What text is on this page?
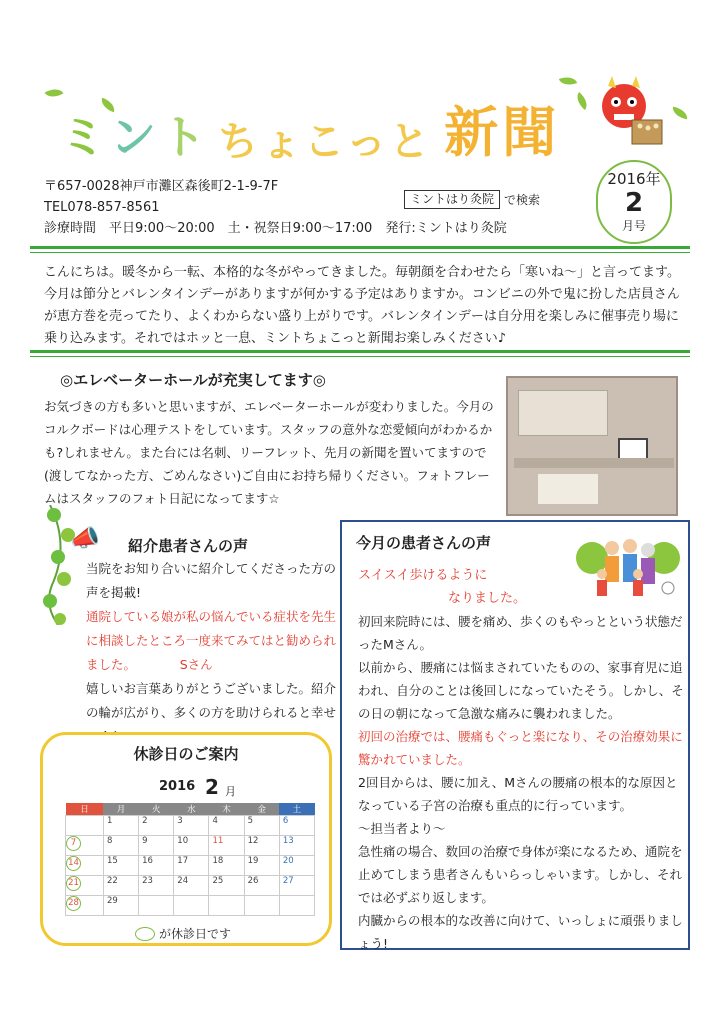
ミント ちょこっと 新聞
〒657-0028神戸市灘区森後町2-1-9-7F
TEL078-857-8561
診療時間　平日9:00～20:00　土・祝祭日9:00～17:00　発行:ミントはり灸院
ミントはり灸院 で検索
2016年
2
月号
こんにちは。暖冬から一転、本格的な冬がやってきました。毎朝顔を合わせたら「寒いね～」と言ってます。今月は節分とバレンタインデーがありますが何かする予定はありますか。コンビニの外で鬼に扮した店員さんが恵方巻を売ってたり、よくわからない盛り上がりです。バレンタインデーは自分用を楽しみに催事売り場に乗り込みます。それではホッと一息、ミントちょこっと新聞お楽しみください♪
◎エレベーターホールが充実してます◎
お気づきの方も多いと思いますが、エレベーターホールが変わりました。今月のコルクボードは心理テストをしています。スタッフの意外な恋愛傾向がわかるかも?しれません。また台には名刺、リーフレット、先月の新聞を置いてますので(渡してなかった方、ごめんなさい)ご自由にお持ち帰りください。フォトフレームはスタッフのフォト日記になってます☆
📣 紹介患者さんの声
当院をお知り合いに紹介してくださった方の声を掲載!
通院している娘が私の悩んでいる症状を先生に相談したところ一度来てみてはと勧められました。　　　　Sさん
嬉しいお言葉ありがとうございました。紹介の輪が広がり、多くの方を助けられると幸せ
休診日のご案内
2016 2 月
日	月	火	水	木	金	土
	1	2	3	4	5	6
7	8	9	10	11	12	13
14	15	16	17	18	19	20
21	22	23	24	25	26	27
28	29					
が休診日です
今月の患者さんの声
スイスイ歩けるように
なりました。
初回来院時には、腰を痛め、歩くのもやっとという状態だったMさん。
以前から、腰痛には悩まされていたものの、家事育児に追われ、自分のことは後回しになっていたそう。しかし、その日の朝になって急激な痛みに襲われました。
初回の治療では、腰痛もぐっと楽になり、その治療効果に驚かれていました。
2回目からは、腰に加え、Mさんの腰痛の根本的な原因となっている子宮の治療も重点的に行っています。
～担当者より～
急性痛の場合、数回の治療で身体が楽になるため、通院を止めてしまう患者さんもいらっしゃいます。しかし、それでは必ずぶり返します。
内臓からの根本的な改善に向けて、いっしょに頑張りましょう!
